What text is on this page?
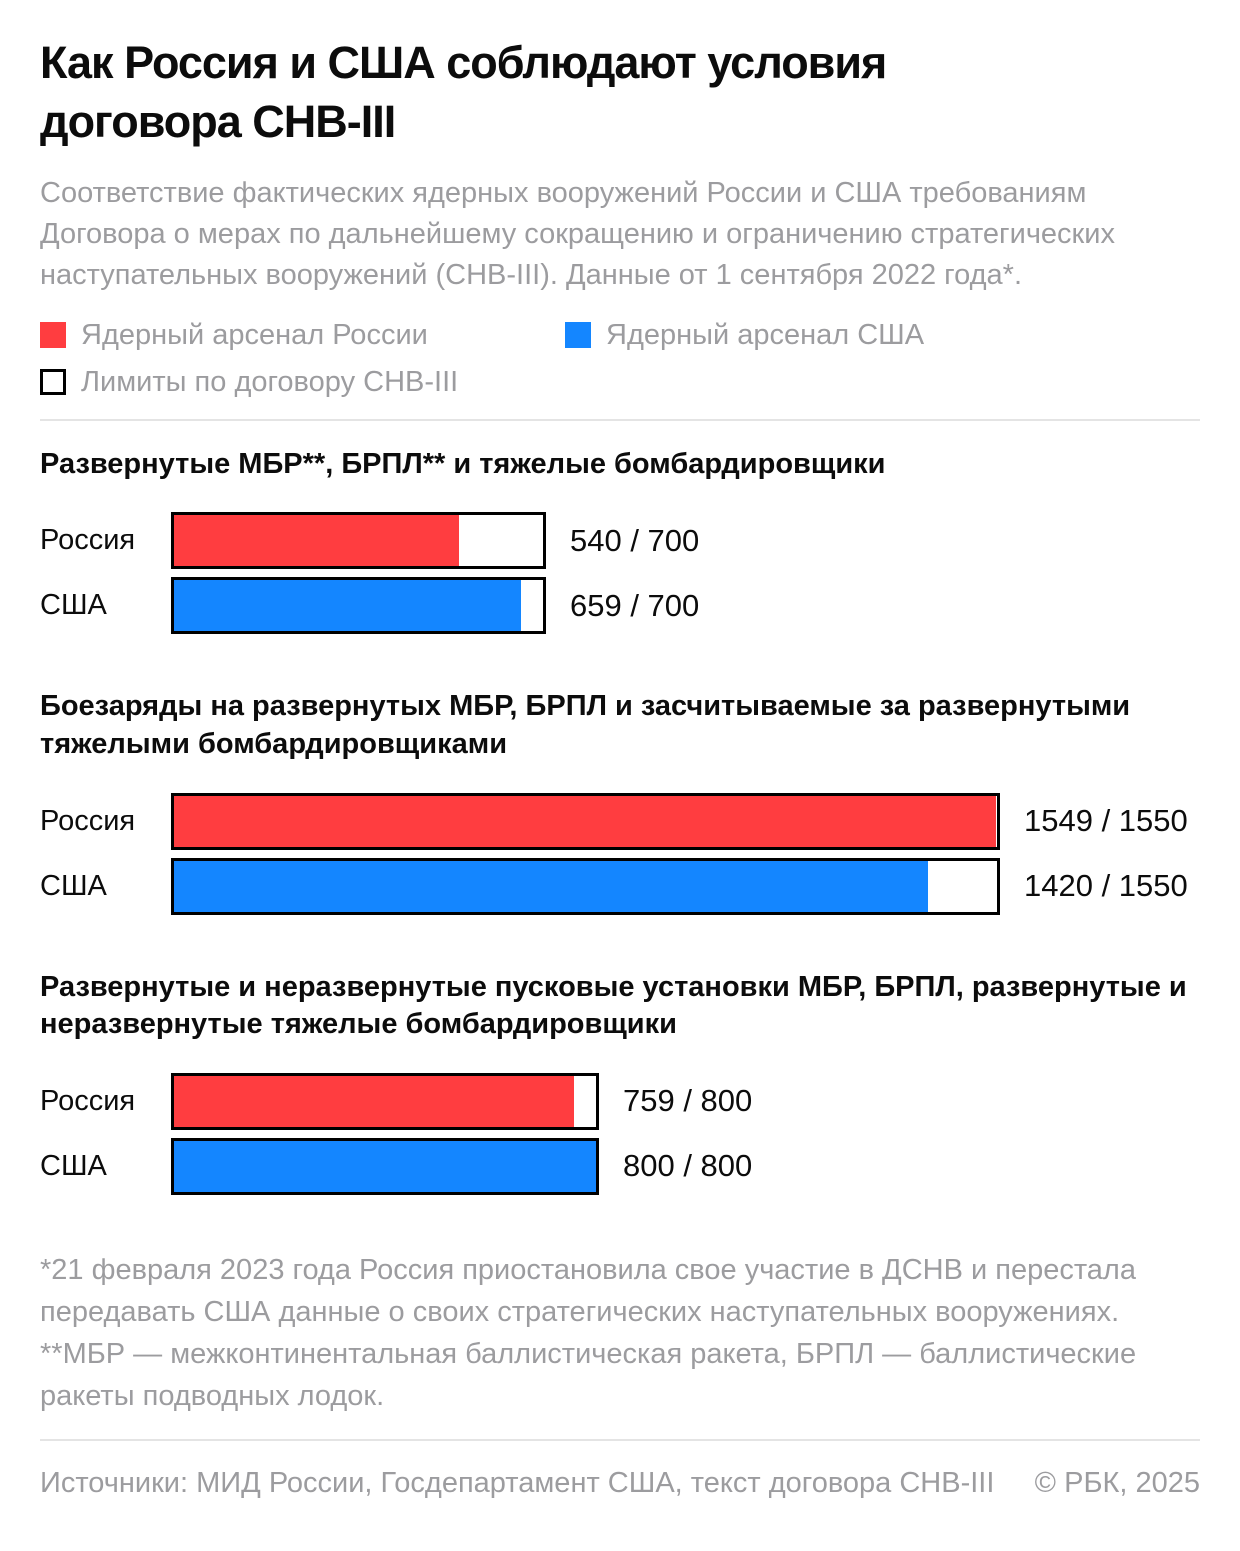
Как Россия и США соблюдают условия договора СНВ-III

Соответствие фактических ядерных вооружений России и США требованиям Договора о мерах по дальнейшему сокращению и ограничению стратегических наступательных вооружений (СНВ-III). Данные от 1 сентября 2022 года*.

Ядерный арсенал России	Ядерный арсенал США
Лимиты по договору СНВ-III
Развернутые МБР**, БРПЛ** и тяжелые бомбардировщики
Россия	540 / 700
США	659 / 700
Боезаряды на развернутых МБР, БРПЛ и засчитываемые за развернутыми тяжелыми бомбардировщиками
Россия	1549 / 1550
США	1420 / 1550
Развернутые и неразвернутые пусковые установки МБР, БРПЛ, развернутые и неразвернутые тяжелые бомбардировщики
Россия	759 / 800
США	800 / 800

*21 февраля 2023 года Россия приостановила свое участие в ДСНВ и перестала передавать США данные о своих стратегических наступательных вооружениях. **МБР — межконтинентальная баллистическая ракета, БРПЛ — баллистические ракеты подводных лодок.

Источники: МИД России, Госдепартамент США, текст договора СНВ-III © РБК, 2025
